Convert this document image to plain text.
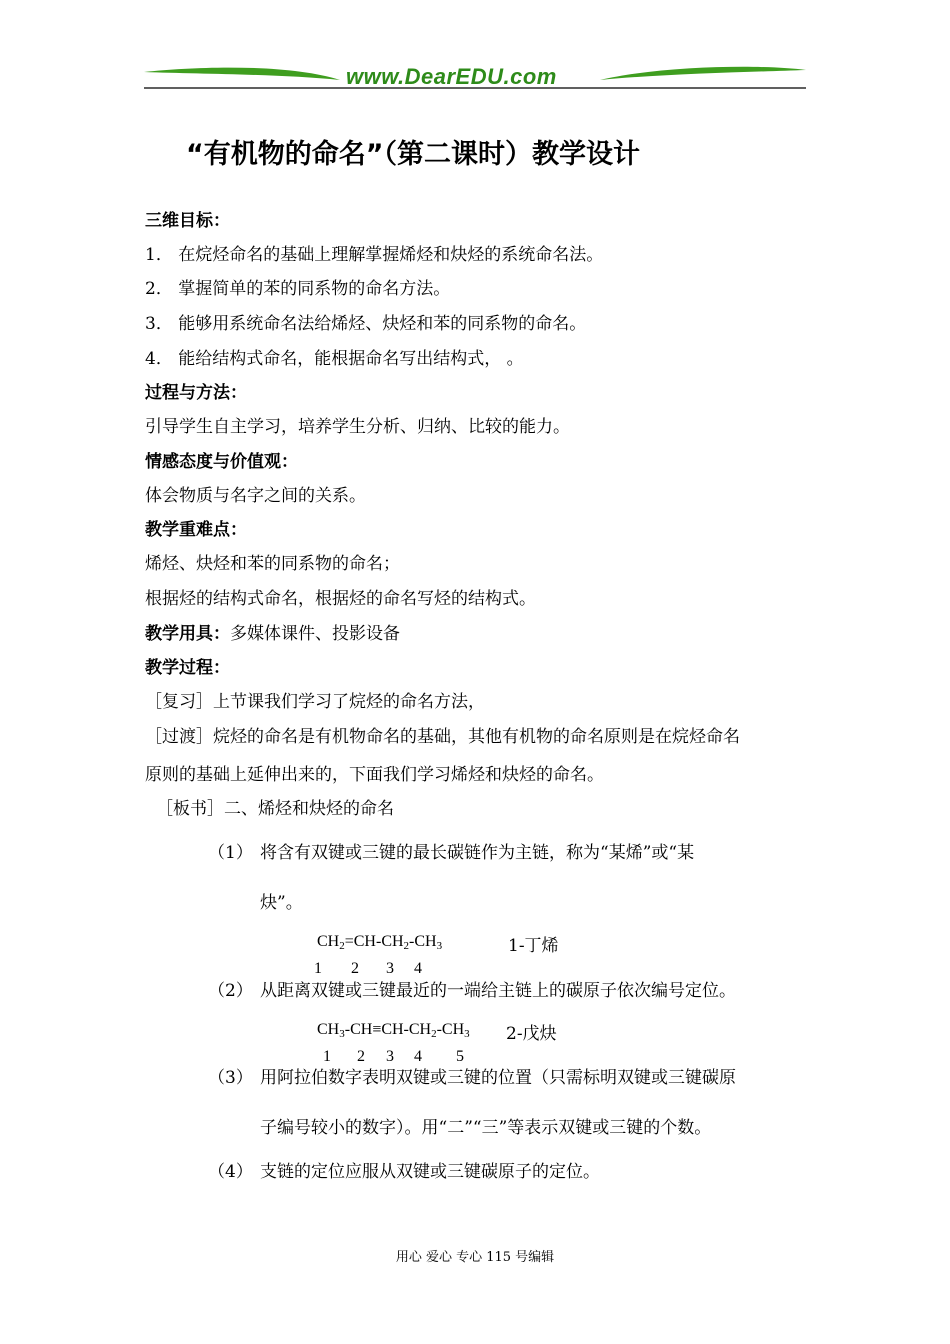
www.DearEDU.com
“有机物的命名”（第二课时）教学设计
三维目标：
1． 在烷烃命名的基础上理解掌握烯烃和炔烃的系统命名法。
2． 掌握简单的苯的同系物的命名方法。
3． 能够用系统命名法给烯烃、炔烃和苯的同系物的命名。
4． 能给结构式命名，能根据命名写出结构式， 。
过程与方法：
引导学生自主学习，培养学生分析、归纳、比较的能力。
情感态度与价值观：
体会物质与名字之间的关系。
教学重难点：
烯烃、炔烃和苯的同系物的命名；
根据烃的结构式命名，根据烃的命名写烃的结构式。
教学用具：多媒体课件、投影设备
教学过程：
［复习］上节课我们学习了烷烃的命名方法，
［过渡］烷烃的命名是有机物命名的基础，其他有机物的命名原则是在烷烃命名
原则的基础上延伸出来的，下面我们学习烯烃和炔烃的命名。
［板书］二、烯烃和炔烃的命名
（1） 将含有双键或三键的最长碳链作为主链，称为“某烯”或“某
炔”。
$CH_2=CH-CH_2-CH_3$	1-丁烯
1 2 3 4
（2） 从距离双键或三键最近的一端给主链上的碳原子依次编号定位。
$CH_3-CH\equiv CH-CH_2-CH_3$ 2-戊炔
1 2 3 4 5
（3） 用阿拉伯数字表明双键或三键的位置（只需标明双键或三键碳原
子编号较小的数字）。用“二”“三”等表示双键或三键的个数。
（4） 支链的定位应服从双键或三键碳原子的定位。
用心 爱心 专心 115 号编辑
